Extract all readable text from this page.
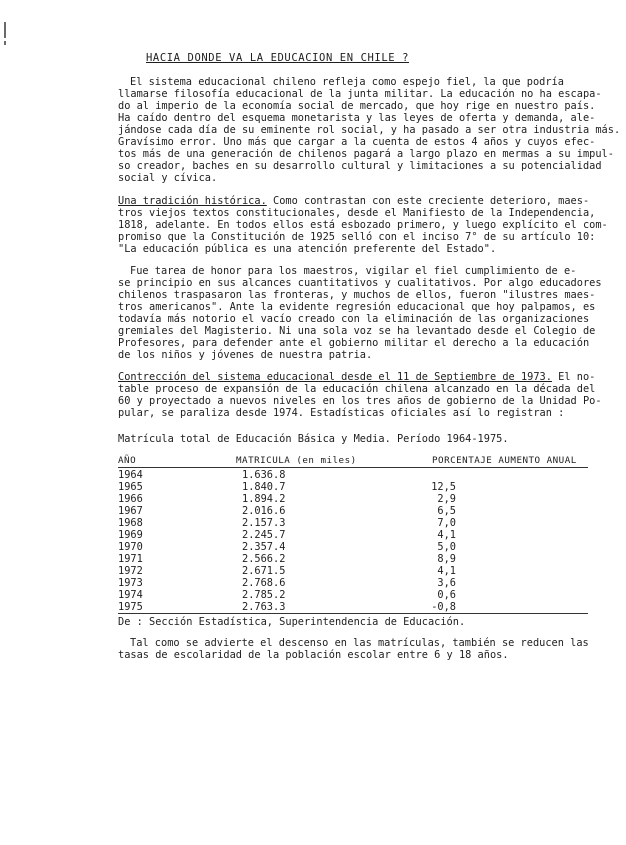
HACIA DONDE VA LA EDUCACION EN CHILE ?
El sistema educacional chileno refleja como espejo fiel, la que podría
llamarse filosofía educacional de la junta militar. La educación no ha escapa-
do al imperio de la economía social de mercado, que hoy rige en nuestro país.
Ha caído dentro del esquema monetarista y las leyes de oferta y demanda, ale-
jándose cada día de su eminente rol social, y ha pasado a ser otra industria más.
Gravísimo error. Uno más que cargar a la cuenta de estos 4 años y cuyos efec-
tos más de una generación de chilenos pagará a largo plazo en mermas a su impul-
so creador, baches en su desarrollo cultural y limitaciones a su potencialidad
social y cívica.
Una tradición histórica. Como contrastan con este creciente deterioro, maes-
tros viejos textos constitucionales, desde el Manifiesto de la Independencia,
1818, adelante. En todos ellos está esbozado primero, y luego explícito el com-
promiso que la Constitución de 1925 selló con el inciso 7° de su artículo 10:
"La educación pública es una atención preferente del Estado".
Fue tarea de honor para los maestros, vigilar el fiel cumplimiento de e-
se principio en sus alcances cuantitativos y cualitativos. Por algo educadores
chilenos traspasaron las fronteras, y muchos de ellos, fueron "ilustres maes-
tros americanos". Ante la evidente regresión educacional que hoy palpamos, es
todavía más notorio el vacío creado con la eliminación de las organizaciones
gremiales del Magisterio. Ni una sola voz se ha levantado desde el Colegio de
Profesores, para defender ante el gobierno militar el derecho a la educación
de los niños y jóvenes de nuestra patria.
Contrección del sistema educacional desde el 11 de Septiembre de 1973. El no-
table proceso de expansión de la educación chilena alcanzado en la década del
60 y proyectado a nuevos niveles en los tres años de gobierno de la Unidad Po-
pular, se paraliza desde 1974. Estadísticas oficiales así lo registran :
Matrícula total de Educación Básica y Media. Período 1964-1975.
AÑO	MATRICULA (en miles)	PORCENTAJE AUMENTO ANUAL
1964	1.636.8
1965	1.840.7	12,5
1966	1.894.2	2,9
1967	2.016.6	6,5
1968	2.157.3	7,0
1969	2.245.7	4,1
1970	2.357.4	5,0
1971	2.566.2	8,9
1972	2.671.5	4,1
1973	2.768.6	3,6
1974	2.785.2	0,6
1975	2.763.3	-0,8
De : Sección Estadística, Superintendencia de Educación.
Tal como se advierte el descenso en las matrículas, también se reducen las
tasas de escolaridad de la población escolar entre 6 y 18 años.
